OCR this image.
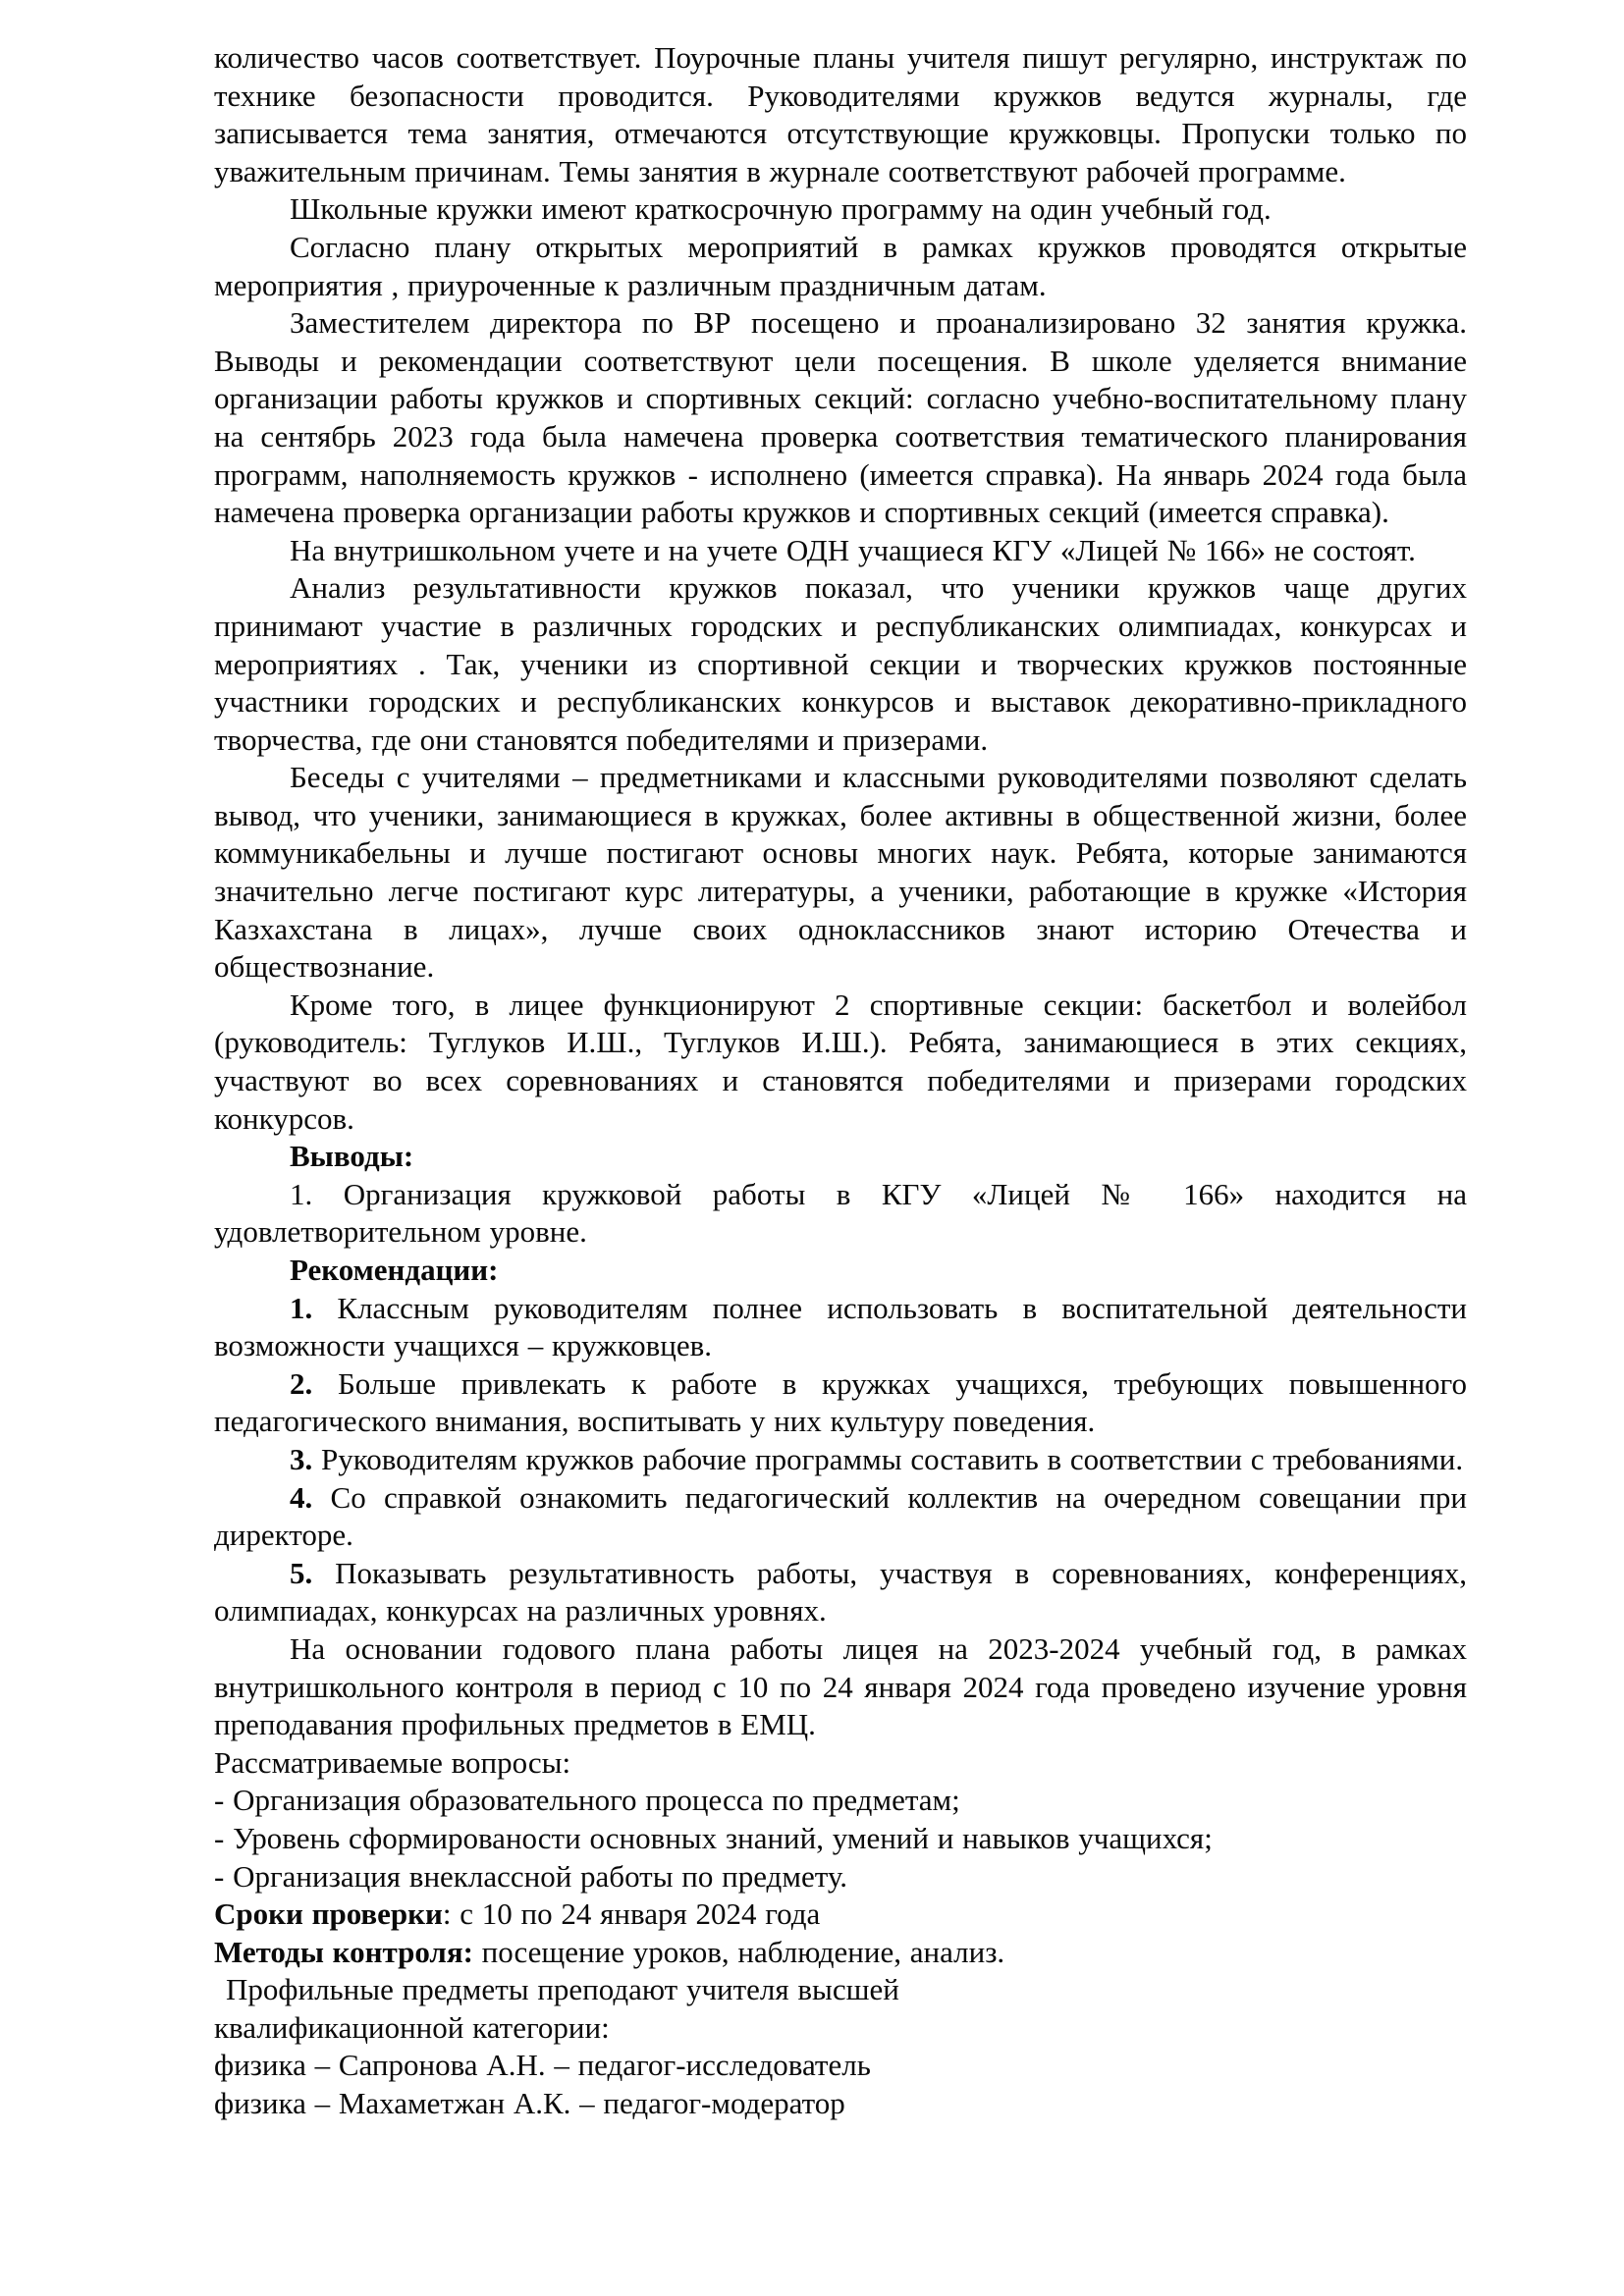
количество часов соответствует. Поурочные планы учителя пишут регулярно, инструктаж по технике безопасности проводится. Руководителями кружков ведутся журналы, где записывается тема занятия, отмечаются отсутствующие кружковцы. Пропуски только по уважительным причинам. Темы занятия в журнале соответствуют рабочей программе.

Школьные кружки имеют краткосрочную программу на один учебный год.

Согласно плану открытых мероприятий в рамках кружков проводятся открытые мероприятия , приуроченные к различным праздничным датам.

Заместителем директора по ВР посещено и проанализировано 32 занятия кружка. Выводы и рекомендации соответствуют цели посещения. В школе уделяется внимание организации работы кружков и спортивных секций: согласно учебно-воспитательному плану на сентябрь 2023 года была намечена проверка соответствия тематического планирования программ, наполняемость кружков - исполнено (имеется справка). На январь 2024 года была намечена проверка организации работы кружков и спортивных секций (имеется справка).

На внутришкольном учете и на учете ОДН учащиеся КГУ «Лицей № 166» не состоят.

Анализ результативности кружков показал, что ученики кружков чаще других принимают участие в различных городских и республиканских олимпиадах, конкурсах и мероприятиях . Так, ученики из спортивной секции и творческих кружков постоянные участники городских и республиканских конкурсов и выставок декоративно-прикладного творчества, где они становятся победителями и призерами.

Беседы с учителями – предметниками и классными руководителями позволяют сделать вывод, что ученики, занимающиеся в кружках, более активны в общественной жизни, более коммуникабельны и лучше постигают основы многих наук. Ребята, которые занимаются значительно легче постигают курс литературы, а ученики, работающие в кружке «История Казхахстана в лицах», лучше своих одноклассников знают историю Отечества и обществознание.

Кроме того, в лицее функционируют 2 спортивные секции: баскетбол и волейбол (руководитель: Туглуков И.Ш., Туглуков И.Ш.). Ребята, занимающиеся в этих секциях, участвуют во всех соревнованиях и становятся победителями и призерами городских конкурсов.

Выводы:

1. Организация кружковой работы в КГУ «Лицей № 166» находится на удовлетворительном уровне.

Рекомендации:

1. Классным руководителям полнее использовать в воспитательной деятельности возможности учащихся – кружковцев.

2. Больше привлекать к работе в кружках учащихся, требующих повышенного педагогического внимания, воспитывать у них культуру поведения.

3. Руководителям кружков рабочие программы составить в соответствии с требованиями.

4. Со справкой ознакомить педагогический коллектив на очередном совещании при директоре.

5. Показывать результативность работы, участвуя в соревнованиях, конференциях, олимпиадах, конкурсах на различных уровнях.

На основании годового плана работы лицея на 2023-2024 учебный год, в рамках внутришкольного контроля в период с 10 по 24 января 2024 года проведено изучение уровня преподавания профильных предметов в ЕМЦ.

Рассматриваемые вопросы:

- Организация образовательного процесса по предметам;

- Уровень сформированости основных знаний, умений и навыков учащихся;

- Организация внеклассной работы по предмету.

Сроки проверки: с 10 по 24 января 2024 года

Методы контроля: посещение уроков, наблюдение, анализ.

Профильные предметы преподают учителя высшей

квалификационной категории:

физика – Сапронова А.Н. – педагог-исследователь

физика – Махаметжан А.К. – педагог-модератор
